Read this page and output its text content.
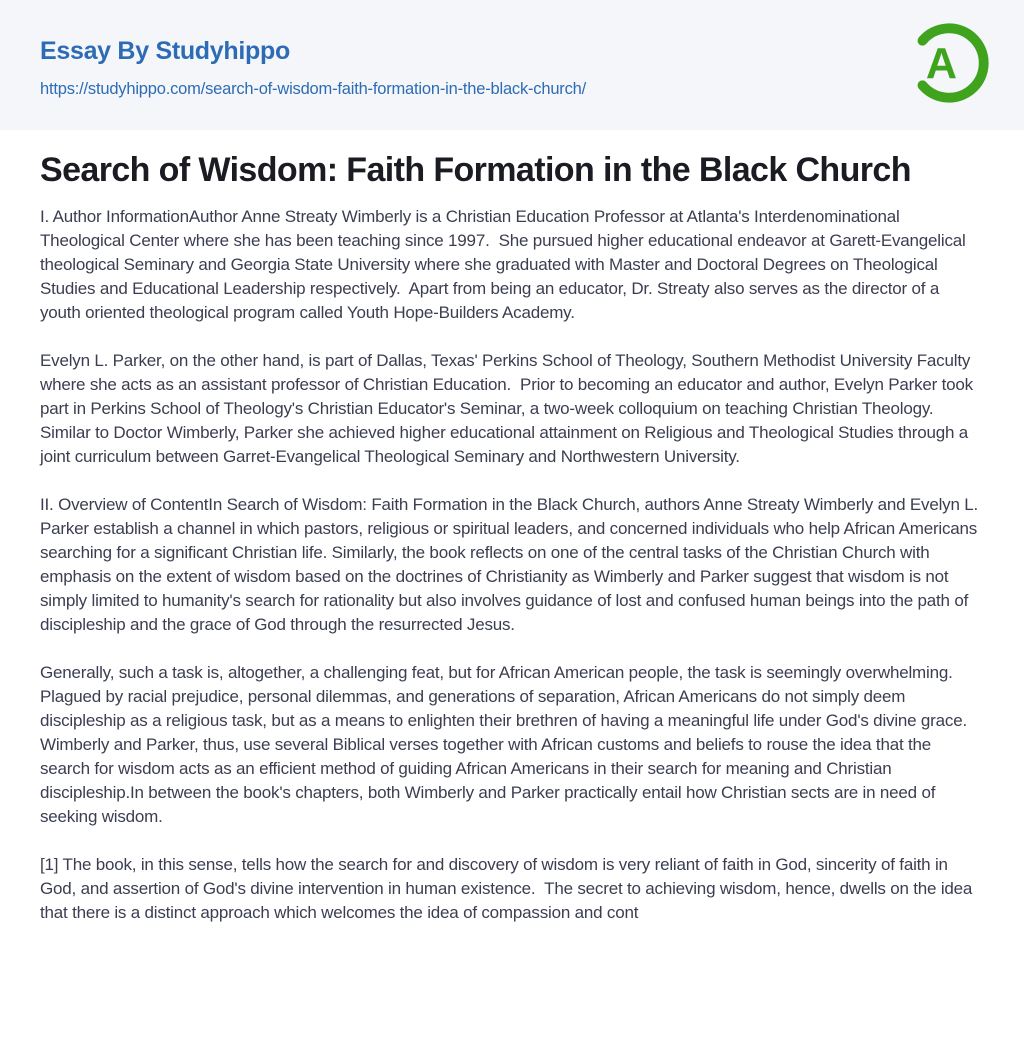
Essay By Studyhippo
https://studyhippo.com/search-of-wisdom-faith-formation-in-the-black-church/
A
Search of Wisdom: Faith Formation in the Black Church

I. Author InformationAuthor Anne Streaty Wimberly is a Christian Education Professor at Atlanta's Interdenominational Theological Center where she has been teaching since 1997.  She pursued higher educational endeavor at Garett-Evangelical theological Seminary and Georgia State University where she graduated with Master and Doctoral Degrees on Theological Studies and Educational Leadership respectively.  Apart from being an educator, Dr. Streaty also serves as the director of a youth oriented theological program called Youth Hope-Builders Academy.

Evelyn L. Parker, on the other hand, is part of Dallas, Texas' Perkins School of Theology, Southern Methodist University Faculty where she acts as an assistant professor of Christian Education.  Prior to becoming an educator and author, Evelyn Parker took part in Perkins School of Theology's Christian Educator's Seminar, a two-week colloquium on teaching Christian Theology.  Similar to Doctor Wimberly, Parker she achieved higher educational attainment on Religious and Theological Studies through a joint curriculum between Garret-Evangelical Theological Seminary and Northwestern University.

II. Overview of ContentIn Search of Wisdom: Faith Formation in the Black Church, authors Anne Streaty Wimberly and Evelyn L. Parker establish a channel in which pastors, religious or spiritual leaders, and concerned individuals who help African Americans searching for a significant Christian life. Similarly, the book reflects on one of the central tasks of the Christian Church with emphasis on the extent of wisdom based on the doctrines of Christianity as Wimberly and Parker suggest that wisdom is not simply limited to humanity's search for rationality but also involves guidance of lost and confused human beings into the path of discipleship and the grace of God through the resurrected Jesus.

Generally, such a task is, altogether, a challenging feat, but for African American people, the task is seemingly overwhelming.  Plagued by racial prejudice, personal dilemmas, and generations of separation, African Americans do not simply deem discipleship as a religious task, but as a means to enlighten their brethren of having a meaningful life under God's divine grace. Wimberly and Parker, thus, use several Biblical verses together with African customs and beliefs to rouse the idea that the search for wisdom acts as an efficient method of guiding African Americans in their search for meaning and Christian discipleship.In between the book's chapters, both Wimberly and Parker practically entail how Christian sects are in need of seeking wisdom.

[1] The book, in this sense, tells how the search for and discovery of wisdom is very reliant of faith in God, sincerity of faith in God, and assertion of God's divine intervention in human existence.  The secret to achieving wisdom, hence, dwells on the idea that there is a distinct approach which welcomes the idea of compassion and cont
